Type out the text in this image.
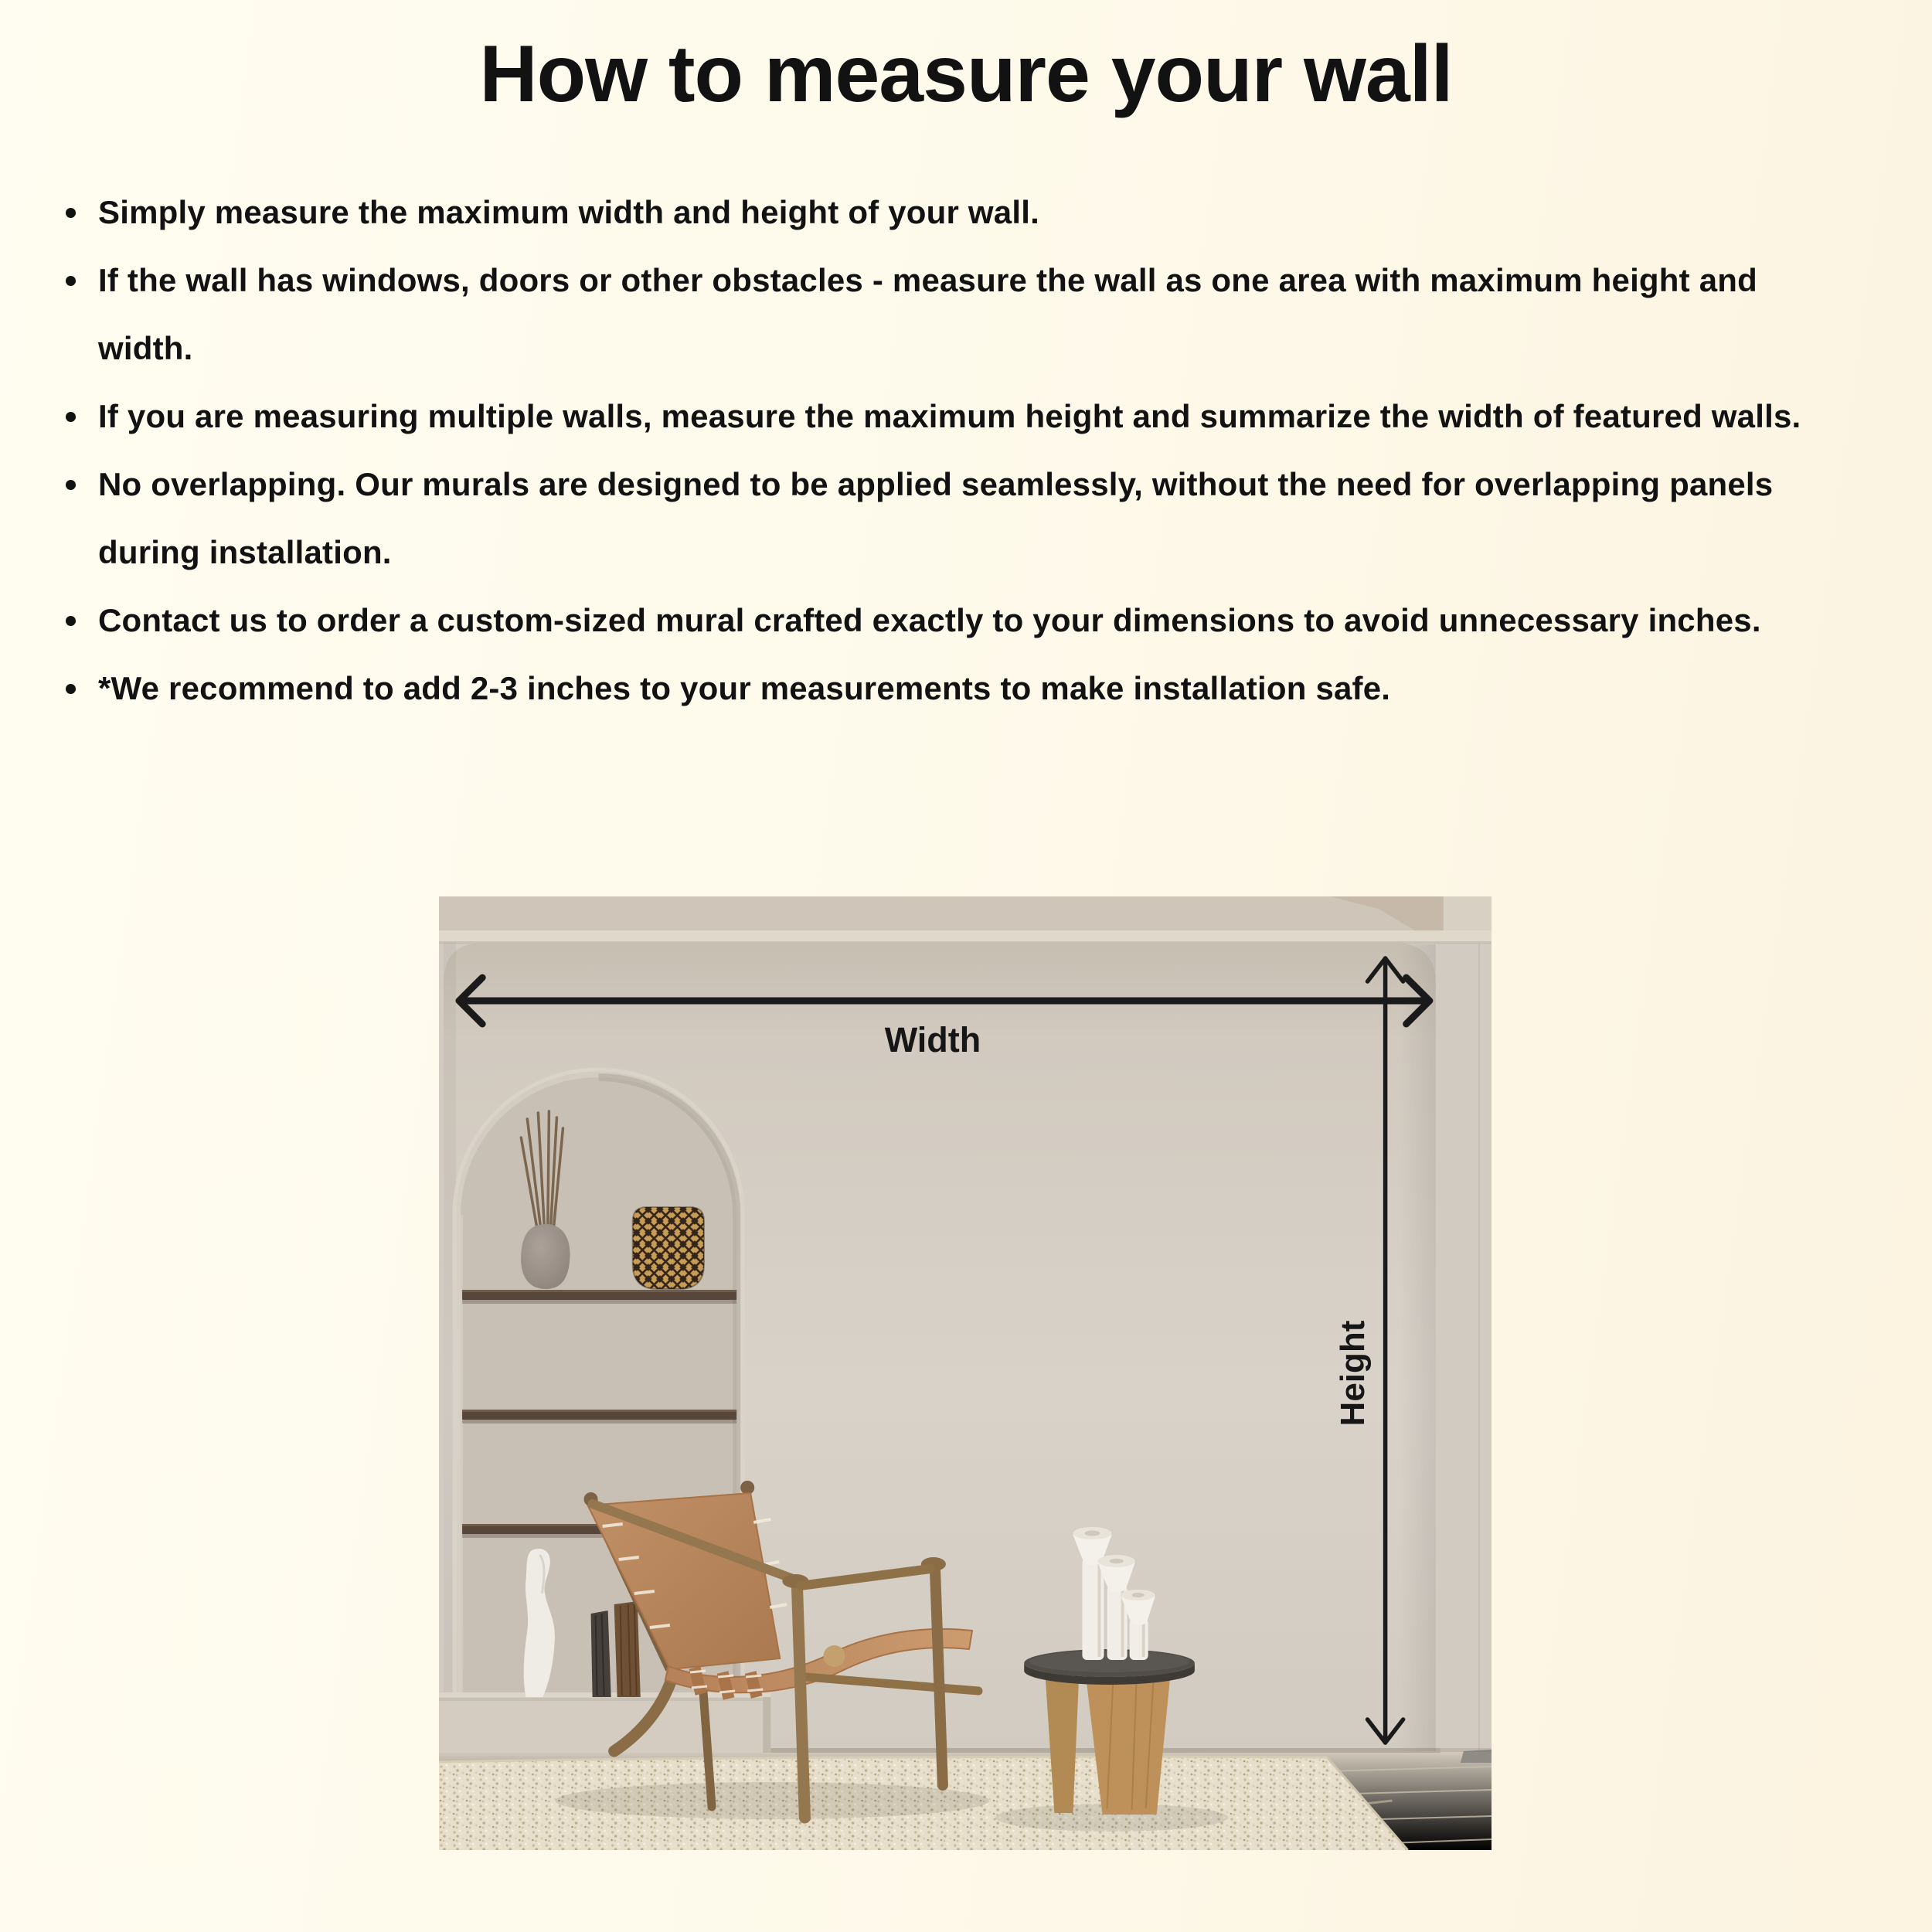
How to measure your wall
Simply measure the maximum width and height of your wall.
If the wall has windows, doors or other obstacles - measure the wall as one area with maximum height and width.
If you are measuring multiple walls, measure the maximum height and summarize the width of featured walls.
No overlapping. Our murals are designed to be applied seamlessly, without the need for overlapping panels during installation.
Contact us to order a custom-sized mural crafted exactly to your dimensions to avoid unnecessary inches.
*We recommend to add 2-3 inches to your measurements to make installation safe.
Width
Height
